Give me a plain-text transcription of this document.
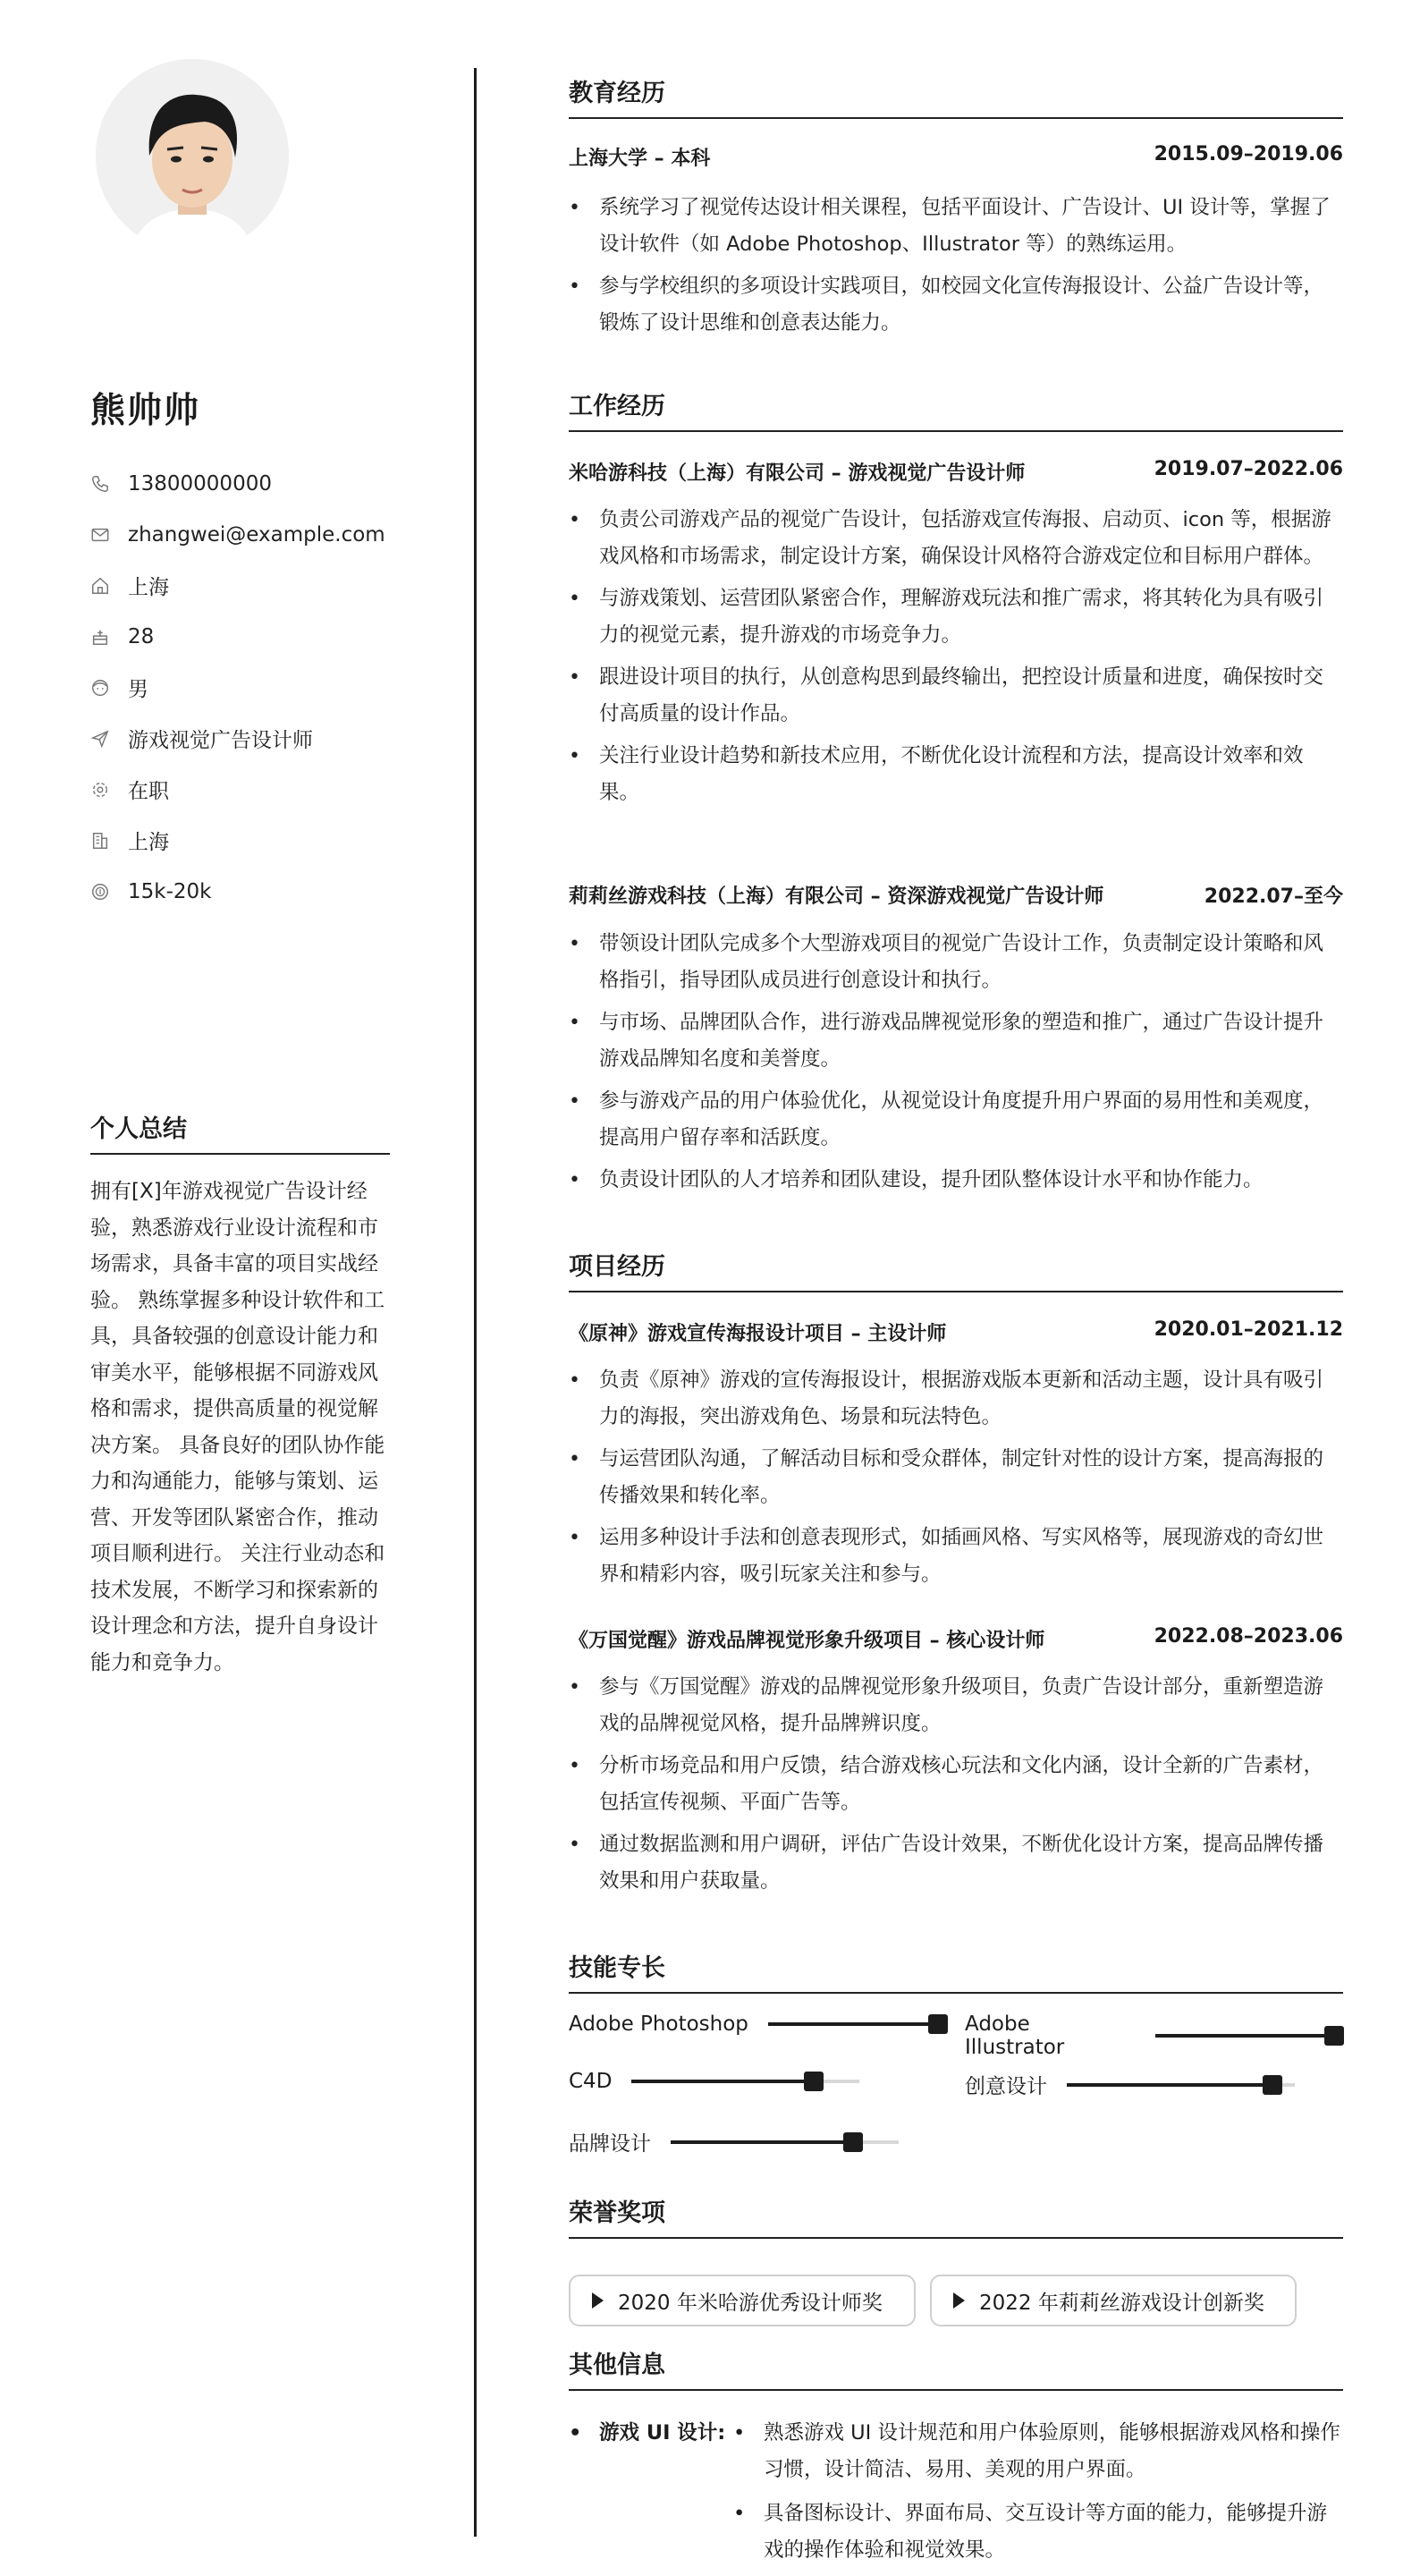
熊帅帅
13800000000
zhangwei@example.com
上海
28
男
游戏视觉广告设计师
在职
上海
15k-20k
个人总结
拥有[X]年游戏视觉广告设计经验，熟悉游戏行业设计流程和市场需求，具备丰富的项目实战经验。 熟练掌握多种设计软件和工具，具备较强的创意设计能力和审美水平，能够根据不同游戏风格和需求，提供高质量的视觉解决方案。 具备良好的团队协作能力和沟通能力，能够与策划、运营、开发等团队紧密合作，推动项目顺利进行。 关注行业动态和技术发展，不断学习和探索新的设计理念和方法，提升自身设计能力和竞争力。
教育经历
上海大学 – 本科	2015.09–2019.06
• 系统学习了视觉传达设计相关课程，包括平面设计、广告设计、UI 设计等，掌握了设计软件（如 Adobe Photoshop、Illustrator 等）的熟练运用。
• 参与学校组织的多项设计实践项目，如校园文化宣传海报设计、公益广告设计等，锻炼了设计思维和创意表达能力。
工作经历
米哈游科技（上海）有限公司 – 游戏视觉广告设计师	2019.07–2022.06
• 负责公司游戏产品的视觉广告设计，包括游戏宣传海报、启动页、icon 等，根据游戏风格和市场需求，制定设计方案，确保设计风格符合游戏定位和目标用户群体。
• 与游戏策划、运营团队紧密合作，理解游戏玩法和推广需求，将其转化为具有吸引力的视觉元素，提升游戏的市场竞争力。
• 跟进设计项目的执行，从创意构思到最终输出，把控设计质量和进度，确保按时交付高质量的设计作品。
• 关注行业设计趋势和新技术应用，不断优化设计流程和方法，提高设计效率和效果。
莉莉丝游戏科技（上海）有限公司 – 资深游戏视觉广告设计师	2022.07–至今
• 带领设计团队完成多个大型游戏项目的视觉广告设计工作，负责制定设计策略和风格指引，指导团队成员进行创意设计和执行。
• 与市场、品牌团队合作，进行游戏品牌视觉形象的塑造和推广，通过广告设计提升游戏品牌知名度和美誉度。
• 参与游戏产品的用户体验优化，从视觉设计角度提升用户界面的易用性和美观度，提高用户留存率和活跃度。
• 负责设计团队的人才培养和团队建设，提升团队整体设计水平和协作能力。
项目经历
《原神》游戏宣传海报设计项目 – 主设计师	2020.01–2021.12
• 负责《原神》游戏的宣传海报设计，根据游戏版本更新和活动主题，设计具有吸引力的海报，突出游戏角色、场景和玩法特色。
• 与运营团队沟通，了解活动目标和受众群体，制定针对性的设计方案，提高海报的传播效果和转化率。
• 运用多种设计手法和创意表现形式，如插画风格、写实风格等，展现游戏的奇幻世界和精彩内容，吸引玩家关注和参与。
《万国觉醒》游戏品牌视觉形象升级项目 – 核心设计师	2022.08–2023.06
• 参与《万国觉醒》游戏的品牌视觉形象升级项目，负责广告设计部分，重新塑造游戏的品牌视觉风格，提升品牌辨识度。
• 分析市场竞品和用户反馈，结合游戏核心玩法和文化内涵，设计全新的广告素材，包括宣传视频、平面广告等。
• 通过数据监测和用户调研，评估广告设计效果，不断优化设计方案，提高品牌传播效果和用户获取量。
技能专长
Adobe Photoshop	Adobe Illustrator
C4D	创意设计
品牌设计
荣誉奖项
2020 年米哈游优秀设计师奖	2022 年莉莉丝游戏设计创新奖
其他信息
• 游戏 UI 设计:
•	熟悉游戏 UI 设计规范和用户体验原则，能够根据游戏风格和操作习惯，设计简洁、易用、美观的用户界面。
• 具备图标设计、界面布局、交互设计等方面的能力，能够提升游戏的操作体验和视觉效果。
